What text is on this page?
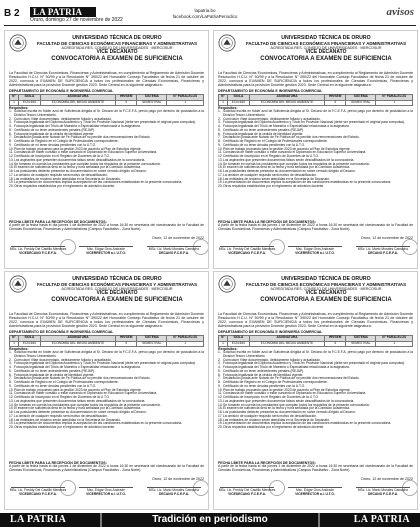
B 2	LA PATRIA
Oruro, domingo 27 de noviembre de 2022
lapatria.bo
facebook.com/LaPatriaPeriodico	avisos
UNIVERSIDAD TÉCNICA DE ORURO
FACULTAD DE CIENCIAS ECONÓMICAS FINANCIERAS Y ADMINISTRATIVAS
ACREDITADA RES. CONSEJO DE UNIVERSIDADES · MERCOSUR
VICE DECANATO
CONVOCATORIA A EXAMEN DE SUFICIENCIA
La Facultad de Ciencias Económicas, Financieras y Administrativas, en cumplimiento al Reglamento de Admisión Docente Resolución H.C.U. N° 50/99 y a la Resolución N° 390/22 del Honorable Consejo Facultativo de fecha 21 de octubre de 2022, convoca a EXAMEN DE SUFICIENCIA a todos los profesionales de Ciencias Económicas, Financieras y Administrativas para la provisión Docente gestión 2023. Sede Central en la siguiente asignatura:
DEPARTAMENTO DE ECONOMÍA E INGENIERÍA COMERCIAL
N°	SIGLA	ASIGNATURA	HR/SEM	SISTEMA	N° PARALELOS
1	ECN-644	ECONOMÍA DEL MEDIO AMBIENTE	4	SEMESTRAL	1
Requisitos:
1. Solicitud escrita en fólder azul de Suficiencia dirigida al Sr. Decano de la F.C.E.F.A. previo pago por derecho de postulación a la División Tesoro Universitario.
2. Curriculum Vitae documentado, debidamente foliado y actualizado.
3. Fotocopia legalizada del Diploma Académico y Título en Provisión Nacional (debe ser presentado el original para compulsa).
4. Fotocopia legalizada del Título de Maestría o Especialidad relacionada a la asignatura.
5. Certificado de no tener antecedentes penales (REJAP).
6. Fotocopia legalizada de la cédula de identidad vigente.
7. Declaración jurada ante Notario de Fe Pública de no percibir dos remuneraciones del Estado.
8. Certificado de Registro en el Colegio de Profesionales correspondiente.
9. Certificado de no tener deudas pendientes con la U.T.O.
10. Plan de trabajo propuesto para la gestión 2023 de acuerdo al Plan de Estudios vigente.
11. Constancia de haber cursado o estar cursando el Diplomado en Educación Superior Universitaria.
12. Certificado de Inscripción en el Registro de Docentes de la U.T.O.
13. Los aspirantes que presenten documentos falsos serán descalificados de la convocatoria.
14. Se tomarán en cuenta los postulantes que cumplan todos los requisitos de la presente convocatoria.
15. El examen de suficiencia será en la fecha y hora señalada por la Comisión Académica.
16. Los postulantes deberán presentar su documentación en sobre cerrado dirigido al Decano.
17. La omisión de cualquier requisito será motivo de descalificación.
18. Las entidades de reclamo serán atendidas en la Secretaría de Decanato.
19. La presentación de documentos implica la aceptación de las condiciones establecidas en la presente convocatoria.
20. Otros requisitos establecidos por el reglamento de admisión docente.
FECHA LÍMITE PARA LA RECEPCIÓN DE DOCUMENTOS:
A partir de la fecha hasta el día jueves 1 de diciembre de 2022 a horas 16:30 en secretaría del vicedecanato de la Facultad de Ciencias Económicas, Financieras y Administrativas (Campus Facultativo - Zona Norte).
Oruro, 12 de noviembre de 2022
MSc. Lic. Freddy Del Castillo Meneses
VICEDECANO F.C.E.F.A.
Msc. Edgar Oros Andrade
VICERRECTOR a.i. U.T.O.
MSc. Lic. Mario Morales Camacho
DECANO F.C.E.F.A.
UNIVERSIDAD TÉCNICA DE ORURO
FACULTAD DE CIENCIAS ECONÓMICAS FINANCIERAS Y ADMINISTRATIVAS
ACREDITADA RES. CONSEJO DE UNIVERSIDADES · MERCOSUR
VICE DECANATO
CONVOCATORIA A EXAMEN DE SUFICIENCIA
La Facultad de Ciencias Económicas, Financieras y Administrativas, en cumplimiento al Reglamento de Admisión Docente Resolución H.C.U. N° 50/99 y a la Resolución N° 390/22 del Honorable Consejo Facultativo de fecha 21 de octubre de 2022, convoca a EXAMEN DE SUFICIENCIA a todos los profesionales de Ciencias Económicas, Financieras y Administrativas para la provisión Docente gestión 2023. Sede Central en la siguiente asignatura:
DEPARTAMENTO DE ECONOMÍA E INGENIERÍA COMERCIAL
N°	SIGLA	ASIGNATURA	HR/SEM	SISTEMA	N° PARALELOS
1	ECN-644	ECONOMÍA DEL MEDIO AMBIENTE	4	SEMESTRAL	1
Requisitos:
1. Solicitud escrita en fólder azul de Suficiencia dirigida al Sr. Decano de la F.C.E.F.A. previo pago por derecho de postulación a la División Tesoro Universitario.
2. Curriculum Vitae documentado, debidamente foliado y actualizado.
3. Fotocopia legalizada del Diploma Académico y Título en Provisión Nacional (debe ser presentado el original para compulsa).
4. Fotocopia legalizada del Título de Maestría o Especialidad relacionada a la asignatura.
5. Certificado de no tener antecedentes penales (REJAP).
6. Fotocopia legalizada de la cédula de identidad vigente.
7. Declaración jurada ante Notario de Fe Pública de no percibir dos remuneraciones del Estado.
8. Certificado de Registro en el Colegio de Profesionales correspondiente.
9. Certificado de no tener deudas pendientes con la U.T.O.
10. Plan de trabajo propuesto para la gestión 2023 de acuerdo al Plan de Estudios vigente.
11. Constancia de haber cursado o estar cursando el Diplomado en Educación Superior Universitaria.
12. Certificado de Inscripción en el Registro de Docentes de la U.T.O.
13. Los aspirantes que presenten documentos falsos serán descalificados de la convocatoria.
14. Se tomarán en cuenta los postulantes que cumplan todos los requisitos de la presente convocatoria.
15. El examen de suficiencia será en la fecha y hora señalada por la Comisión Académica.
16. Los postulantes deberán presentar su documentación en sobre cerrado dirigido al Decano.
17. La omisión de cualquier requisito será motivo de descalificación.
18. Las entidades de reclamo serán atendidas en la Secretaría de Decanato.
19. La presentación de documentos implica la aceptación de las condiciones establecidas en la presente convocatoria.
20. Otros requisitos establecidos por el reglamento de admisión docente.
FECHA LÍMITE PARA LA RECEPCIÓN DE DOCUMENTOS:
A partir de la fecha hasta el día jueves 1 de diciembre de 2022 a horas 16:30 en secretaría del vicedecanato de la Facultad de Ciencias Económicas, Financieras y Administrativas (Campus Facultativo - Zona Norte).
Oruro, 12 de noviembre de 2022
MSc. Lic. Freddy Del Castillo Meneses
VICEDECANO F.C.E.F.A.
Msc. Edgar Oros Andrade
VICERRECTOR a.i. U.T.O.
MSc. Lic. Mario Morales Camacho
DECANO F.C.E.F.A.
UNIVERSIDAD TÉCNICA DE ORURO
FACULTAD DE CIENCIAS ECONÓMICAS FINANCIERAS Y ADMINISTRATIVAS
ACREDITADA RES. CONSEJO DE UNIVERSIDADES · MERCOSUR
VICE DECANATO
CONVOCATORIA A EXAMEN DE SUFICIENCIA
La Facultad de Ciencias Económicas, Financieras y Administrativas, en cumplimiento al Reglamento de Admisión Docente Resolución H.C.U. N° 50/99 y a la Resolución N° 390/22 del Honorable Consejo Facultativo de fecha 21 de octubre de 2022, convoca a EXAMEN DE SUFICIENCIA a todos los profesionales de Ciencias Económicas, Financieras y Administrativas para la provisión Docente gestión 2023. Sede Central en la siguiente asignatura:
DEPARTAMENTO DE ECONOMÍA E INGENIERÍA COMERCIAL
N°	SIGLA	ASIGNATURA	HR/SEM	SISTEMA	N° PARALELOS
1	ECN-644	ECONOMÍA DEL MEDIO AMBIENTE	4	SEMESTRAL	1
Requisitos:
1. Solicitud escrita en fólder azul de Suficiencia dirigida al Sr. Decano de la F.C.E.F.A. previo pago por derecho de postulación a la División Tesoro Universitario.
2. Curriculum Vitae documentado, debidamente foliado y actualizado.
3. Fotocopia legalizada del Diploma Académico y Título en Provisión Nacional (debe ser presentado el original para compulsa).
4. Fotocopia legalizada del Título de Maestría o Especialidad relacionada a la asignatura.
5. Certificado de no tener antecedentes penales (REJAP).
6. Fotocopia legalizada de la cédula de identidad vigente.
7. Declaración jurada ante Notario de Fe Pública de no percibir dos remuneraciones del Estado.
8. Certificado de Registro en el Colegio de Profesionales correspondiente.
9. Certificado de no tener deudas pendientes con la U.T.O.
10. Plan de trabajo propuesto para la gestión 2023 de acuerdo al Plan de Estudios vigente.
11. Constancia de haber cursado o estar cursando el Diplomado en Educación Superior Universitaria.
12. Certificado de Inscripción en el Registro de Docentes de la U.T.O.
13. Los aspirantes que presenten documentos falsos serán descalificados de la convocatoria.
14. Se tomarán en cuenta los postulantes que cumplan todos los requisitos de la presente convocatoria.
15. El examen de suficiencia será en la fecha y hora señalada por la Comisión Académica.
16. Los postulantes deberán presentar su documentación en sobre cerrado dirigido al Decano.
17. La omisión de cualquier requisito será motivo de descalificación.
18. Las entidades de reclamo serán atendidas en la Secretaría de Decanato.
19. La presentación de documentos implica la aceptación de las condiciones establecidas en la presente convocatoria.
20. Otros requisitos establecidos por el reglamento de admisión docente.
FECHA LÍMITE PARA LA RECEPCIÓN DE DOCUMENTOS:
A partir de la fecha hasta el día jueves 1 de diciembre de 2022 a horas 16:30 en secretaría del vicedecanato de la Facultad de Ciencias Económicas, Financieras y Administrativas (Campus Facultativo - Zona Norte).
Oruro, 12 de noviembre de 2022
MSc. Lic. Freddy Del Castillo Meneses
VICEDECANO F.C.E.F.A.
Msc. Edgar Oros Andrade
VICERRECTOR a.i. U.T.O.
MSc. Lic. Mario Morales Camacho
DECANO F.C.E.F.A.
UNIVERSIDAD TÉCNICA DE ORURO
FACULTAD DE CIENCIAS ECONÓMICAS FINANCIERAS Y ADMINISTRATIVAS
ACREDITADA RES. CONSEJO DE UNIVERSIDADES · MERCOSUR
VICE DECANATO
CONVOCATORIA A EXAMEN DE SUFICIENCIA
La Facultad de Ciencias Económicas, Financieras y Administrativas, en cumplimiento al Reglamento de Admisión Docente Resolución H.C.U. N° 50/99 y a la Resolución N° 390/22 del Honorable Consejo Facultativo de fecha 21 de octubre de 2022, convoca a EXAMEN DE SUFICIENCIA a todos los profesionales de Ciencias Económicas, Financieras y Administrativas para la provisión Docente gestión 2023. Sede Central en la siguiente asignatura:
DEPARTAMENTO DE ECONOMÍA E INGENIERÍA COMERCIAL
N°	SIGLA	ASIGNATURA	HR/SEM	SISTEMA	N° PARALELOS
1	ECN-644	ECONOMÍA DEL MEDIO AMBIENTE	4	SEMESTRAL	1
Requisitos:
1. Solicitud escrita en fólder azul de Suficiencia dirigida al Sr. Decano de la F.C.E.F.A. previo pago por derecho de postulación a la División Tesoro Universitario.
2. Curriculum Vitae documentado, debidamente foliado y actualizado.
3. Fotocopia legalizada del Diploma Académico y Título en Provisión Nacional (debe ser presentado el original para compulsa).
4. Fotocopia legalizada del Título de Maestría o Especialidad relacionada a la asignatura.
5. Certificado de no tener antecedentes penales (REJAP).
6. Fotocopia legalizada de la cédula de identidad vigente.
7. Declaración jurada ante Notario de Fe Pública de no percibir dos remuneraciones del Estado.
8. Certificado de Registro en el Colegio de Profesionales correspondiente.
9. Certificado de no tener deudas pendientes con la U.T.O.
10. Plan de trabajo propuesto para la gestión 2023 de acuerdo al Plan de Estudios vigente.
11. Constancia de haber cursado o estar cursando el Diplomado en Educación Superior Universitaria.
12. Certificado de Inscripción en el Registro de Docentes de la U.T.O.
13. Los aspirantes que presenten documentos falsos serán descalificados de la convocatoria.
14. Se tomarán en cuenta los postulantes que cumplan todos los requisitos de la presente convocatoria.
15. El examen de suficiencia será en la fecha y hora señalada por la Comisión Académica.
16. Los postulantes deberán presentar su documentación en sobre cerrado dirigido al Decano.
17. La omisión de cualquier requisito será motivo de descalificación.
18. Las entidades de reclamo serán atendidas en la Secretaría de Decanato.
19. La presentación de documentos implica la aceptación de las condiciones establecidas en la presente convocatoria.
20. Otros requisitos establecidos por el reglamento de admisión docente.
FECHA LÍMITE PARA LA RECEPCIÓN DE DOCUMENTOS:
A partir de la fecha hasta el día jueves 1 de diciembre de 2022 a horas 16:30 en secretaría del vicedecanato de la Facultad de Ciencias Económicas, Financieras y Administrativas (Campus Facultativo - Zona Norte).
Oruro, 12 de noviembre de 2022
MSc. Lic. Freddy Del Castillo Meneses
VICEDECANO F.C.E.F.A.
Msc. Edgar Oros Andrade
VICERRECTOR a.i. U.T.O.
MSc. Lic. Mario Morales Camacho
DECANO F.C.E.F.A.
LA PATRIA	Tradición en periodismo	LA PATRIA
